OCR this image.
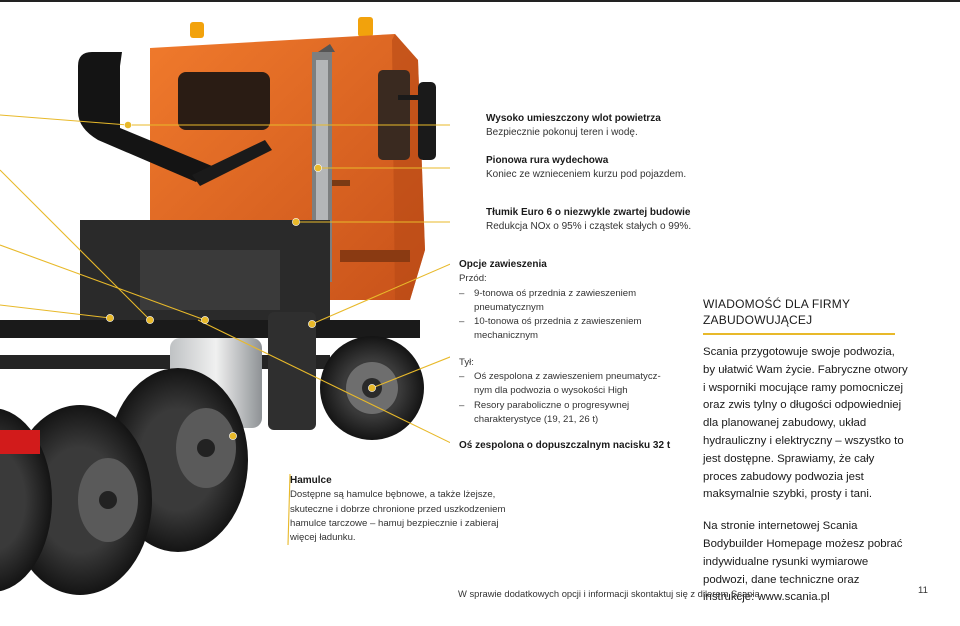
Wysoko umieszczony wlot powietrza
Bezpiecznie pokonuj teren i wodę.
Pionowa rura wydechowa
Koniec ze wznieceniem kurzu pod pojazdem.
Tłumik Euro 6 o niezwykle zwartej budowie
Redukcja NOx o 95% i cząstek stałych o 99%.
Opcje zawieszenia
Przód:
– 9-tonowa oś przednia z zawieszeniem pneumatycznym
– 10-tonowa oś przednia z zawieszeniem mechanicznym
Tył:
– Oś zespolona z zawieszeniem pneumatycznym dla podwozia o wysokości High
– Resory paraboliczne o progresywnej charakterystyce (19, 21, 26 t)
Oś zespolona o dopuszczalnym nacisku 32 t
Hamulce
Dostępne są hamulce bębnowe, a także lżejsze, skuteczne i dobrze chronione przed uszkodzeniem hamulce tarczowe – hamuj bezpiecznie i zabieraj więcej ładunku.
WIADOMOŚĆ DLA FIRMY ZABUDOWUJĄCEJ

Scania przygotowuje swoje podwozia, by ułatwić Wam życie. Fabryczne otwory i wsporniki mocujące ramy pomocniczej oraz zwis tylny o długości odpowiedniej dla planowanej zabudowy, układ hydrauliczny i elektryczny – wszystko to jest dostępne. Sprawiamy, że cały proces zabudowy podwozia jest maksymalnie szybki, prosty i tani.

Na stronie internetowej Scania Bodybuilder Homepage możesz pobrać indywidualne rysunki wymiarowe podwozi, dane techniczne oraz instrukcje: www.scania.pl

W sprawie dodatkowych opcji i informacji skontaktuj się z dilerem Scania.	11
